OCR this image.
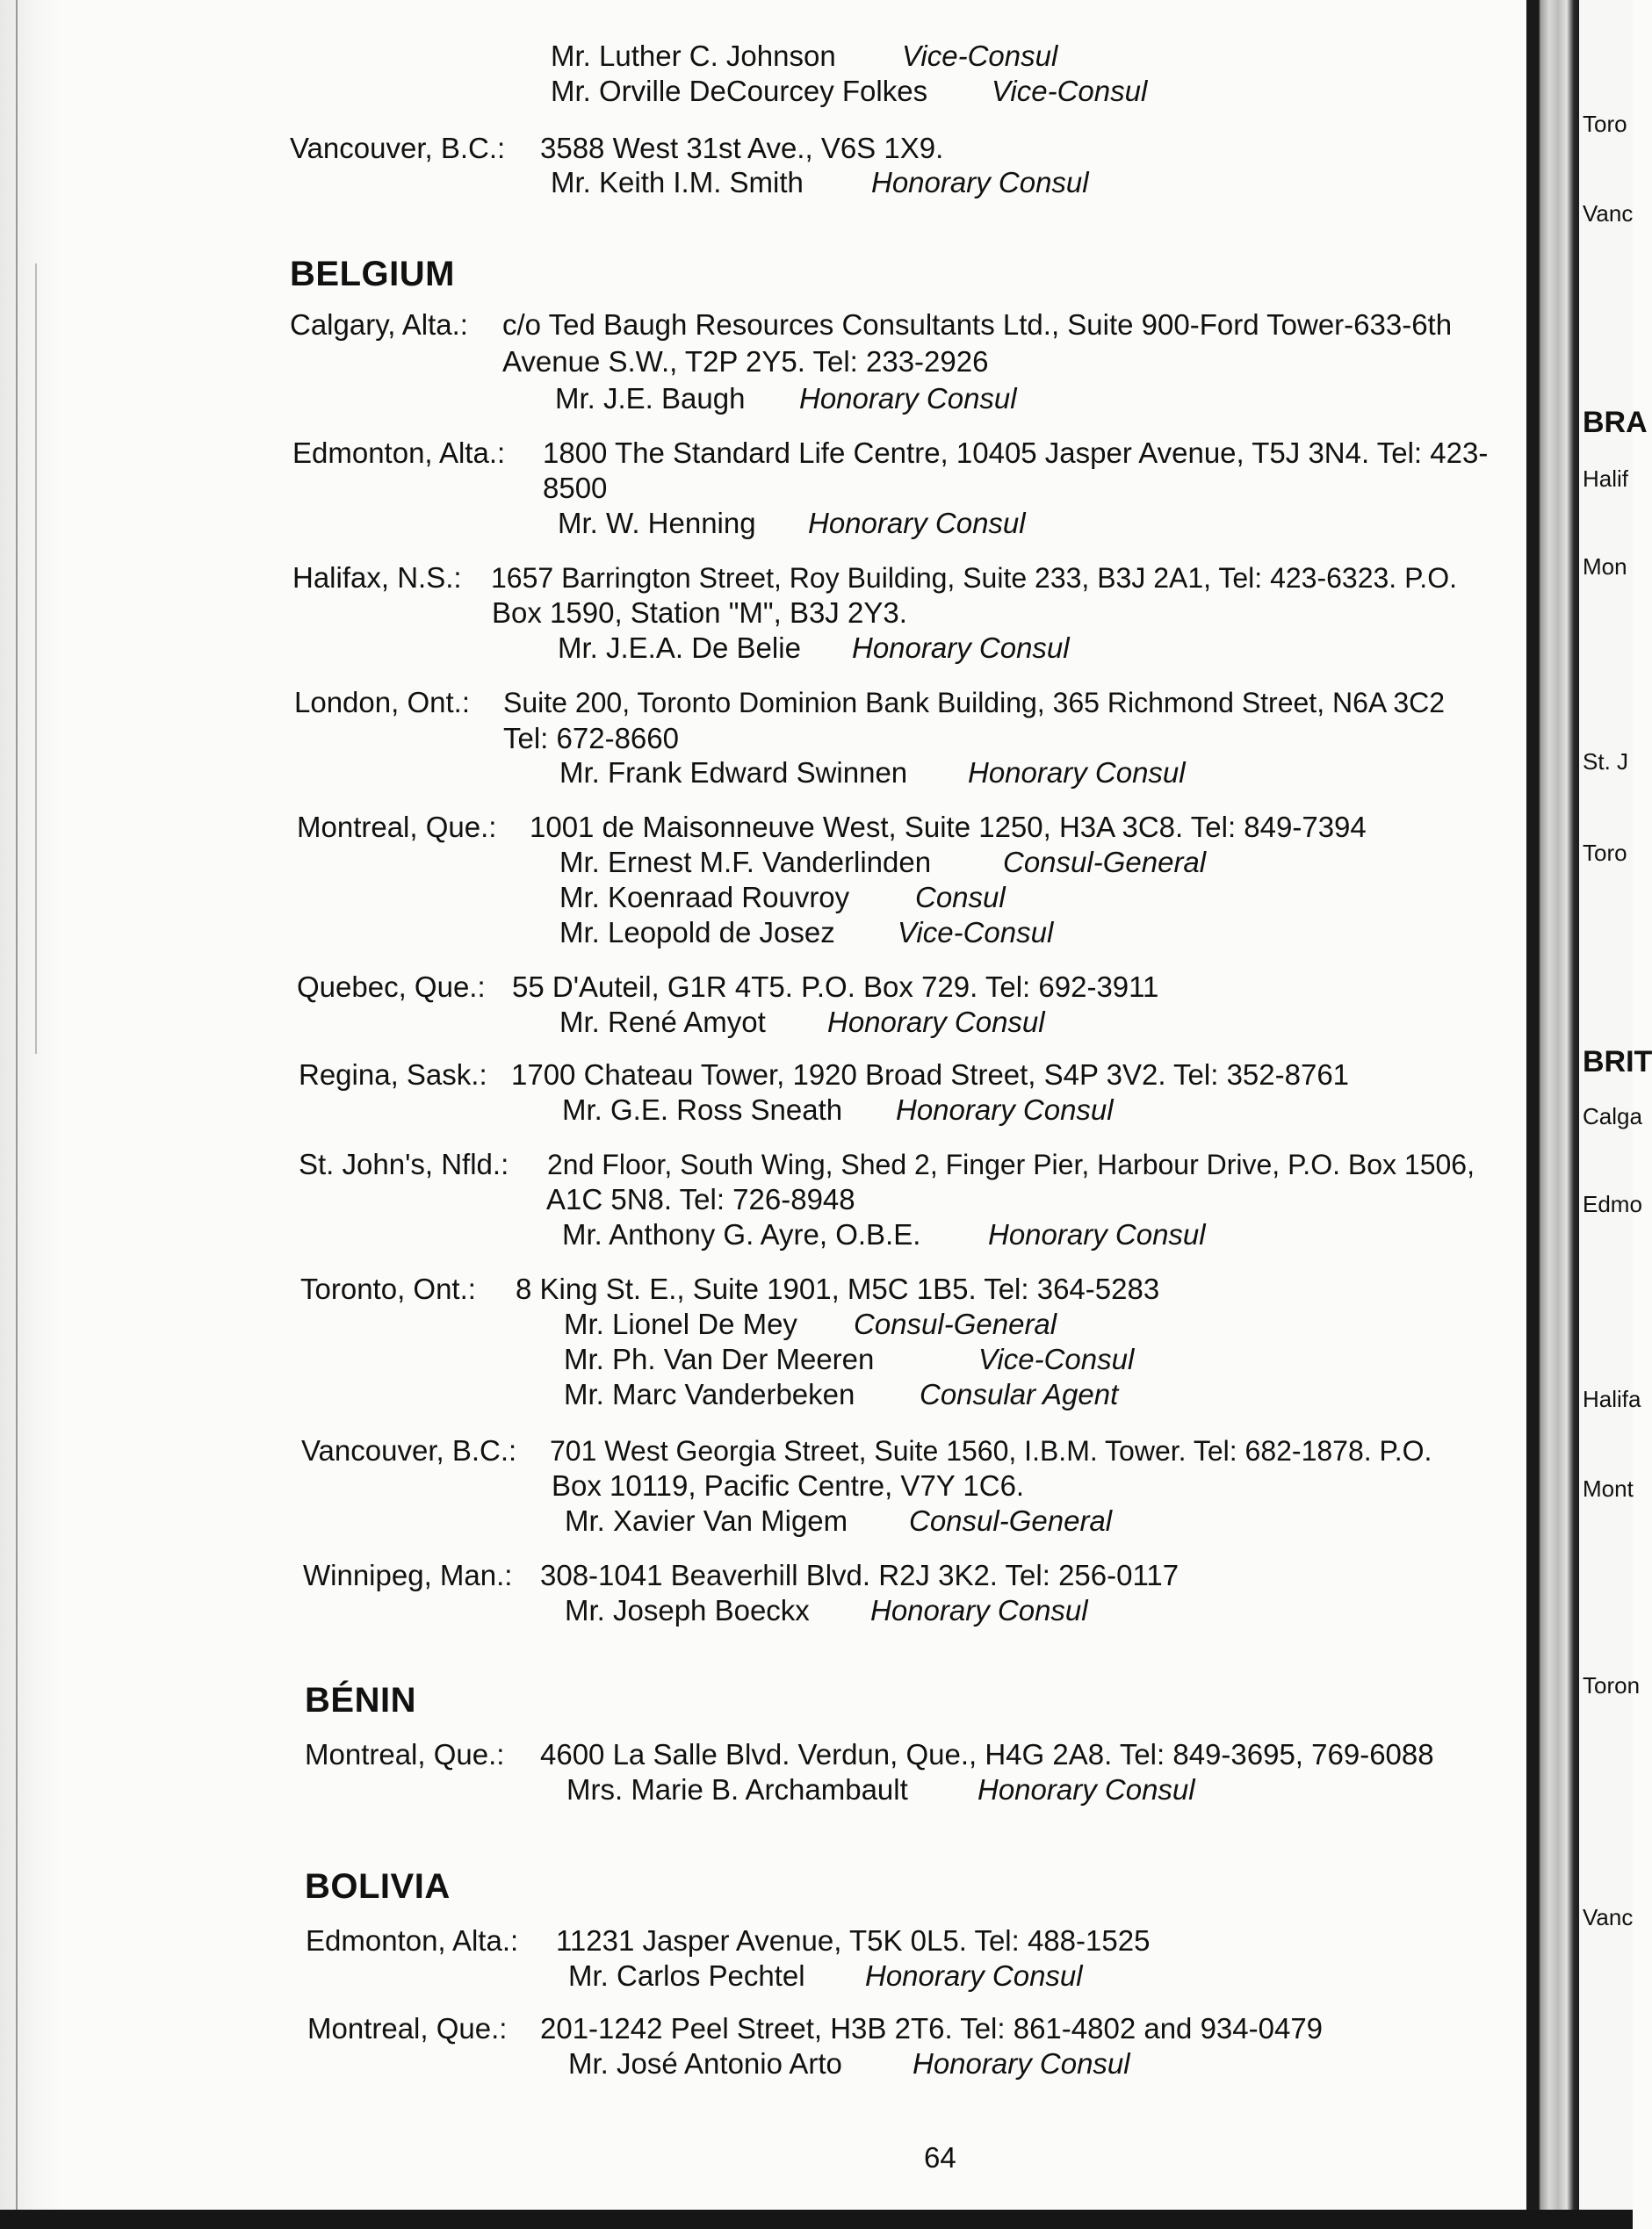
Mr. Luther C. Johnson Vice-Consul
Mr. Orville DeCourcey Folkes Vice-Consul
Vancouver, B.C.: 3588 West 31st Ave., V6S 1X9.
Mr. Keith I.M. Smith Honorary Consul
BELGIUM
Calgary, Alta.: c/o Ted Baugh Resources Consultants Ltd., Suite 900-Ford Tower-633-6th
Avenue S.W., T2P 2Y5. Tel: 233-2926
Mr. J.E. Baugh Honorary Consul
Edmonton, Alta.: 1800 The Standard Life Centre, 10405 Jasper Avenue, T5J 3N4. Tel: 423-
8500
Mr. W. Henning Honorary Consul
Halifax, N.S.: 1657 Barrington Street, Roy Building, Suite 233, B3J 2A1, Tel: 423-6323. P.O.
Box 1590, Station "M", B3J 2Y3.
Mr. J.E.A. De Belie Honorary Consul
London, Ont.: Suite 200, Toronto Dominion Bank Building, 365 Richmond Street, N6A 3C2
Tel: 672-8660
Mr. Frank Edward Swinnen Honorary Consul
Montreal, Que.: 1001 de Maisonneuve West, Suite 1250, H3A 3C8. Tel: 849-7394
Mr. Ernest M.F. Vanderlinden Consul-General
Mr. Koenraad Rouvroy Consul
Mr. Leopold de Josez Vice-Consul
Quebec, Que.: 55 D'Auteil, G1R 4T5. P.O. Box 729. Tel: 692-3911
Mr. René Amyot Honorary Consul
Regina, Sask.: 1700 Chateau Tower, 1920 Broad Street, S4P 3V2. Tel: 352-8761
Mr. G.E. Ross Sneath Honorary Consul
St. John's, Nfld.: 2nd Floor, South Wing, Shed 2, Finger Pier, Harbour Drive, P.O. Box 1506,
A1C 5N8. Tel: 726-8948
Mr. Anthony G. Ayre, O.B.E. Honorary Consul
Toronto, Ont.: 8 King St. E., Suite 1901, M5C 1B5. Tel: 364-5283
Mr. Lionel De Mey Consul-General
Mr. Ph. Van Der Meeren	Vice-Consul
Mr. Marc Vanderbeken Consular Agent
Vancouver, B.C.: 701 West Georgia Street, Suite 1560, I.B.M. Tower. Tel: 682-1878. P.O.
Box 10119, Pacific Centre, V7Y 1C6.
Mr. Xavier Van Migem Consul-General
Winnipeg, Man.: 308-1041 Beaverhill Blvd. R2J 3K2. Tel: 256-0117
Mr. Joseph Boeckx Honorary Consul
BÉNIN
Montreal, Que.: 4600 La Salle Blvd. Verdun, Que., H4G 2A8. Tel: 849-3695, 769-6088
Mrs. Marie B. Archambault Honorary Consul
BOLIVIA
Edmonton, Alta.: 11231 Jasper Avenue, T5K 0L5. Tel: 488-1525
Mr. Carlos Pechtel Honorary Consul
Montreal, Que.: 201-1242 Peel Street, H3B 2T6. Tel: 861-4802 and 934-0479
Mr. José Antonio Arto Honorary Consul
64
Toro
Vanc
BRA
Halif
Mon
St. J
Toro
BRIT
Calga
Edmo
Halifa
Mont
Toron
Vanc
